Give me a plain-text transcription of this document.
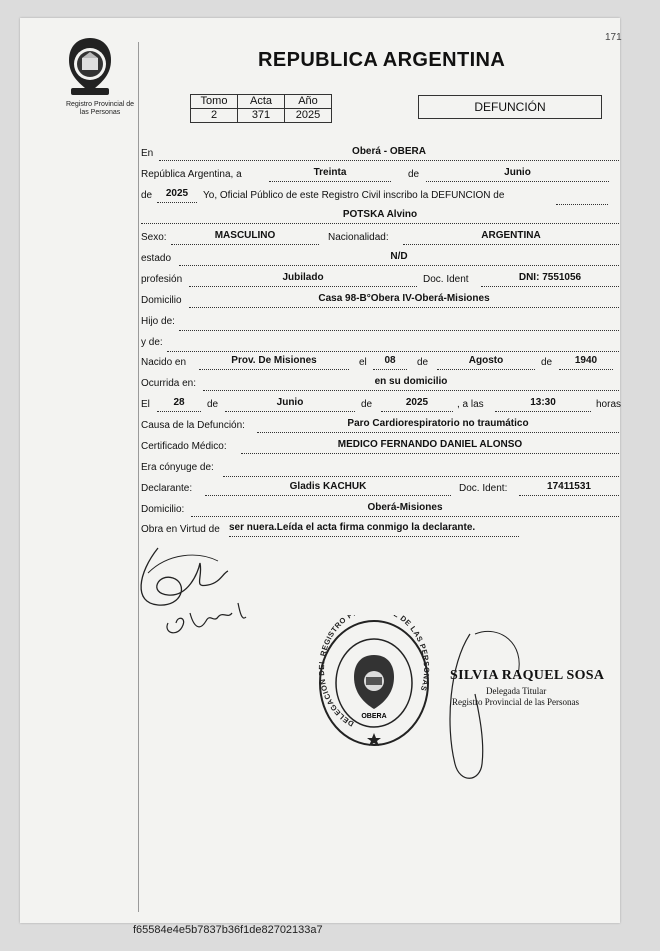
171
Registro Provincial de
las Personas
REPUBLICA ARGENTINA
Tomo	Acta	Año
2	371	2025
DEFUNCIÓN
En	Oberá - OBERA
República Argentina, a	Treinta	de	Junio
de	2025	Yo, Oficial Público de este Registro Civil inscribo la DEFUNCION de
POTSKA Alvino
Sexo:	MASCULINO	Nacionalidad:	ARGENTINA
estado	N/D
profesión	Jubilado	Doc. Ident	DNI: 7551056
Domicilio	Casa 98-B°Obera IV-Oberá-Misiones
Hijo de:
y de:
Nacido en	Prov. De Misiones	el	08	de	Agosto	de	1940
Ocurrida en:	en su domicilio
El	28	de	Junio	de	2025	, a las	13:30	horas
Causa de la Defunción:	Paro Cardiorespiratorio no traumático
Certificado Médico:	MEDICO FERNANDO DANIEL ALONSO
Era cónyuge de:
Declarante:	Gladis KACHUK	Doc. Ident:	17411531
Domicilio:	Oberá-Misiones
Obra en Virtud de ser nuera.Leída el acta firma conmigo la declarante.
DELEGACION L REGISTRO P DE LAS PER NAS
OBERA
SILVIA RAQUEL SOSA
Delegada Titular
Registro Provincial de las Personas
f65584e4e5b7837b36f1de82702133a7
